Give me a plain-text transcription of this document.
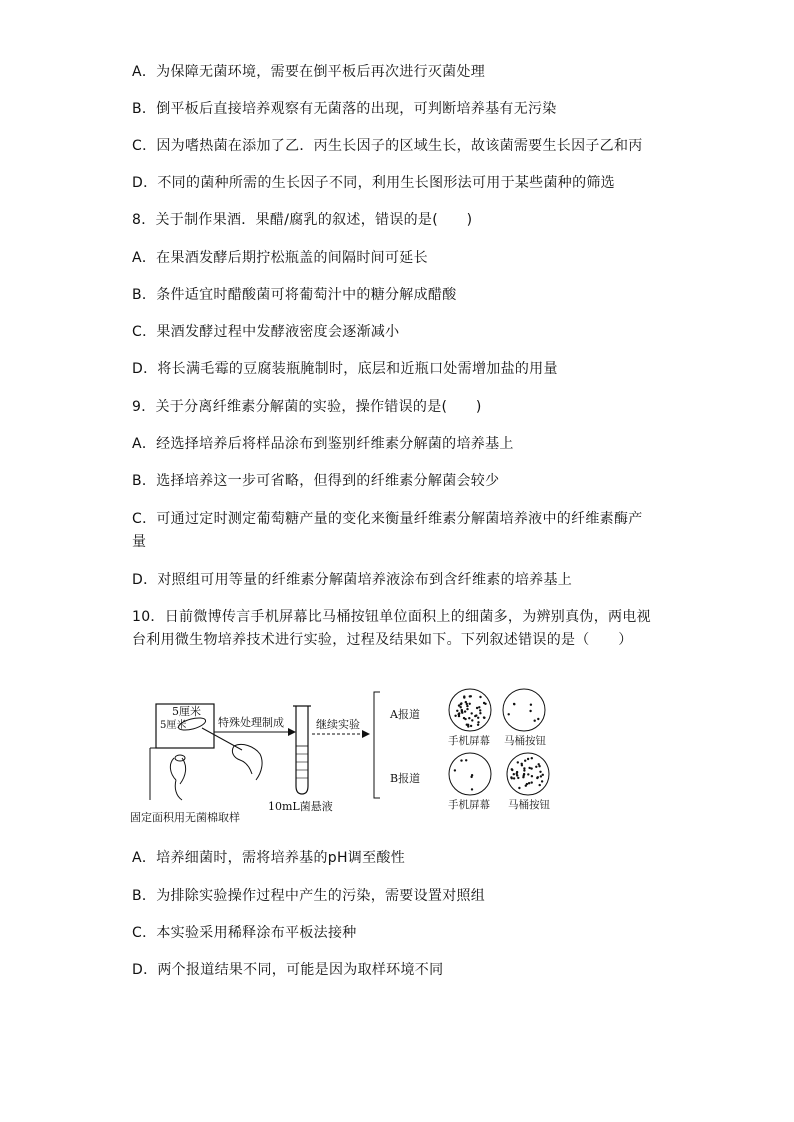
A．为保障无菌环境，需要在倒平板后再次进行灭菌处理
B．倒平板后直接培养观察有无菌落的出现，可判断培养基有无污染
C．因为嗜热菌在添加了乙．丙生长因子的区域生长，故该菌需要生长因子乙和丙
D．不同的菌种所需的生长因子不同，利用生长图形法可用于某些菌种的筛选
8．关于制作果酒．果醋/腐乳的叙述，错误的是(　　)
A．在果酒发酵后期拧松瓶盖的间隔时间可延长
B．条件适宜时醋酸菌可将葡萄汁中的糖分解成醋酸
C．果酒发酵过程中发酵液密度会逐渐减小
D．将长满毛霉的豆腐装瓶腌制时，底层和近瓶口处需增加盐的用量
9．关于分离纤维素分解菌的实验，操作错误的是(　　)
A．经选择培养后将样品涂布到鉴别纤维素分解菌的培养基上
B．选择培养这一步可省略，但得到的纤维素分解菌会较少
C．可通过定时测定葡萄糖产量的变化来衡量纤维素分解菌培养液中的纤维素酶产
量
D．对照组可用等量的纤维素分解菌培养液涂布到含纤维素的培养基上
10．日前微博传言手机屏幕比马桶按钮单位面积上的细菌多，为辨别真伪，两电视
台利用微生物培养技术进行实验，过程及结果如下。下列叙述错误的是（　　）
5厘米
5厘米
固定面积用无菌棉取样
特殊处理制成
10mL菌悬液
继续实验
A报道
B报道
手机屏幕 马桶按钮
手机屏幕 马桶按钮
A．培养细菌时，需将培养基的pH调至酸性
B．为排除实验操作过程中产生的污染，需要设置对照组
C．本实验采用稀释涂布平板法接种
D．两个报道结果不同，可能是因为取样环境不同
